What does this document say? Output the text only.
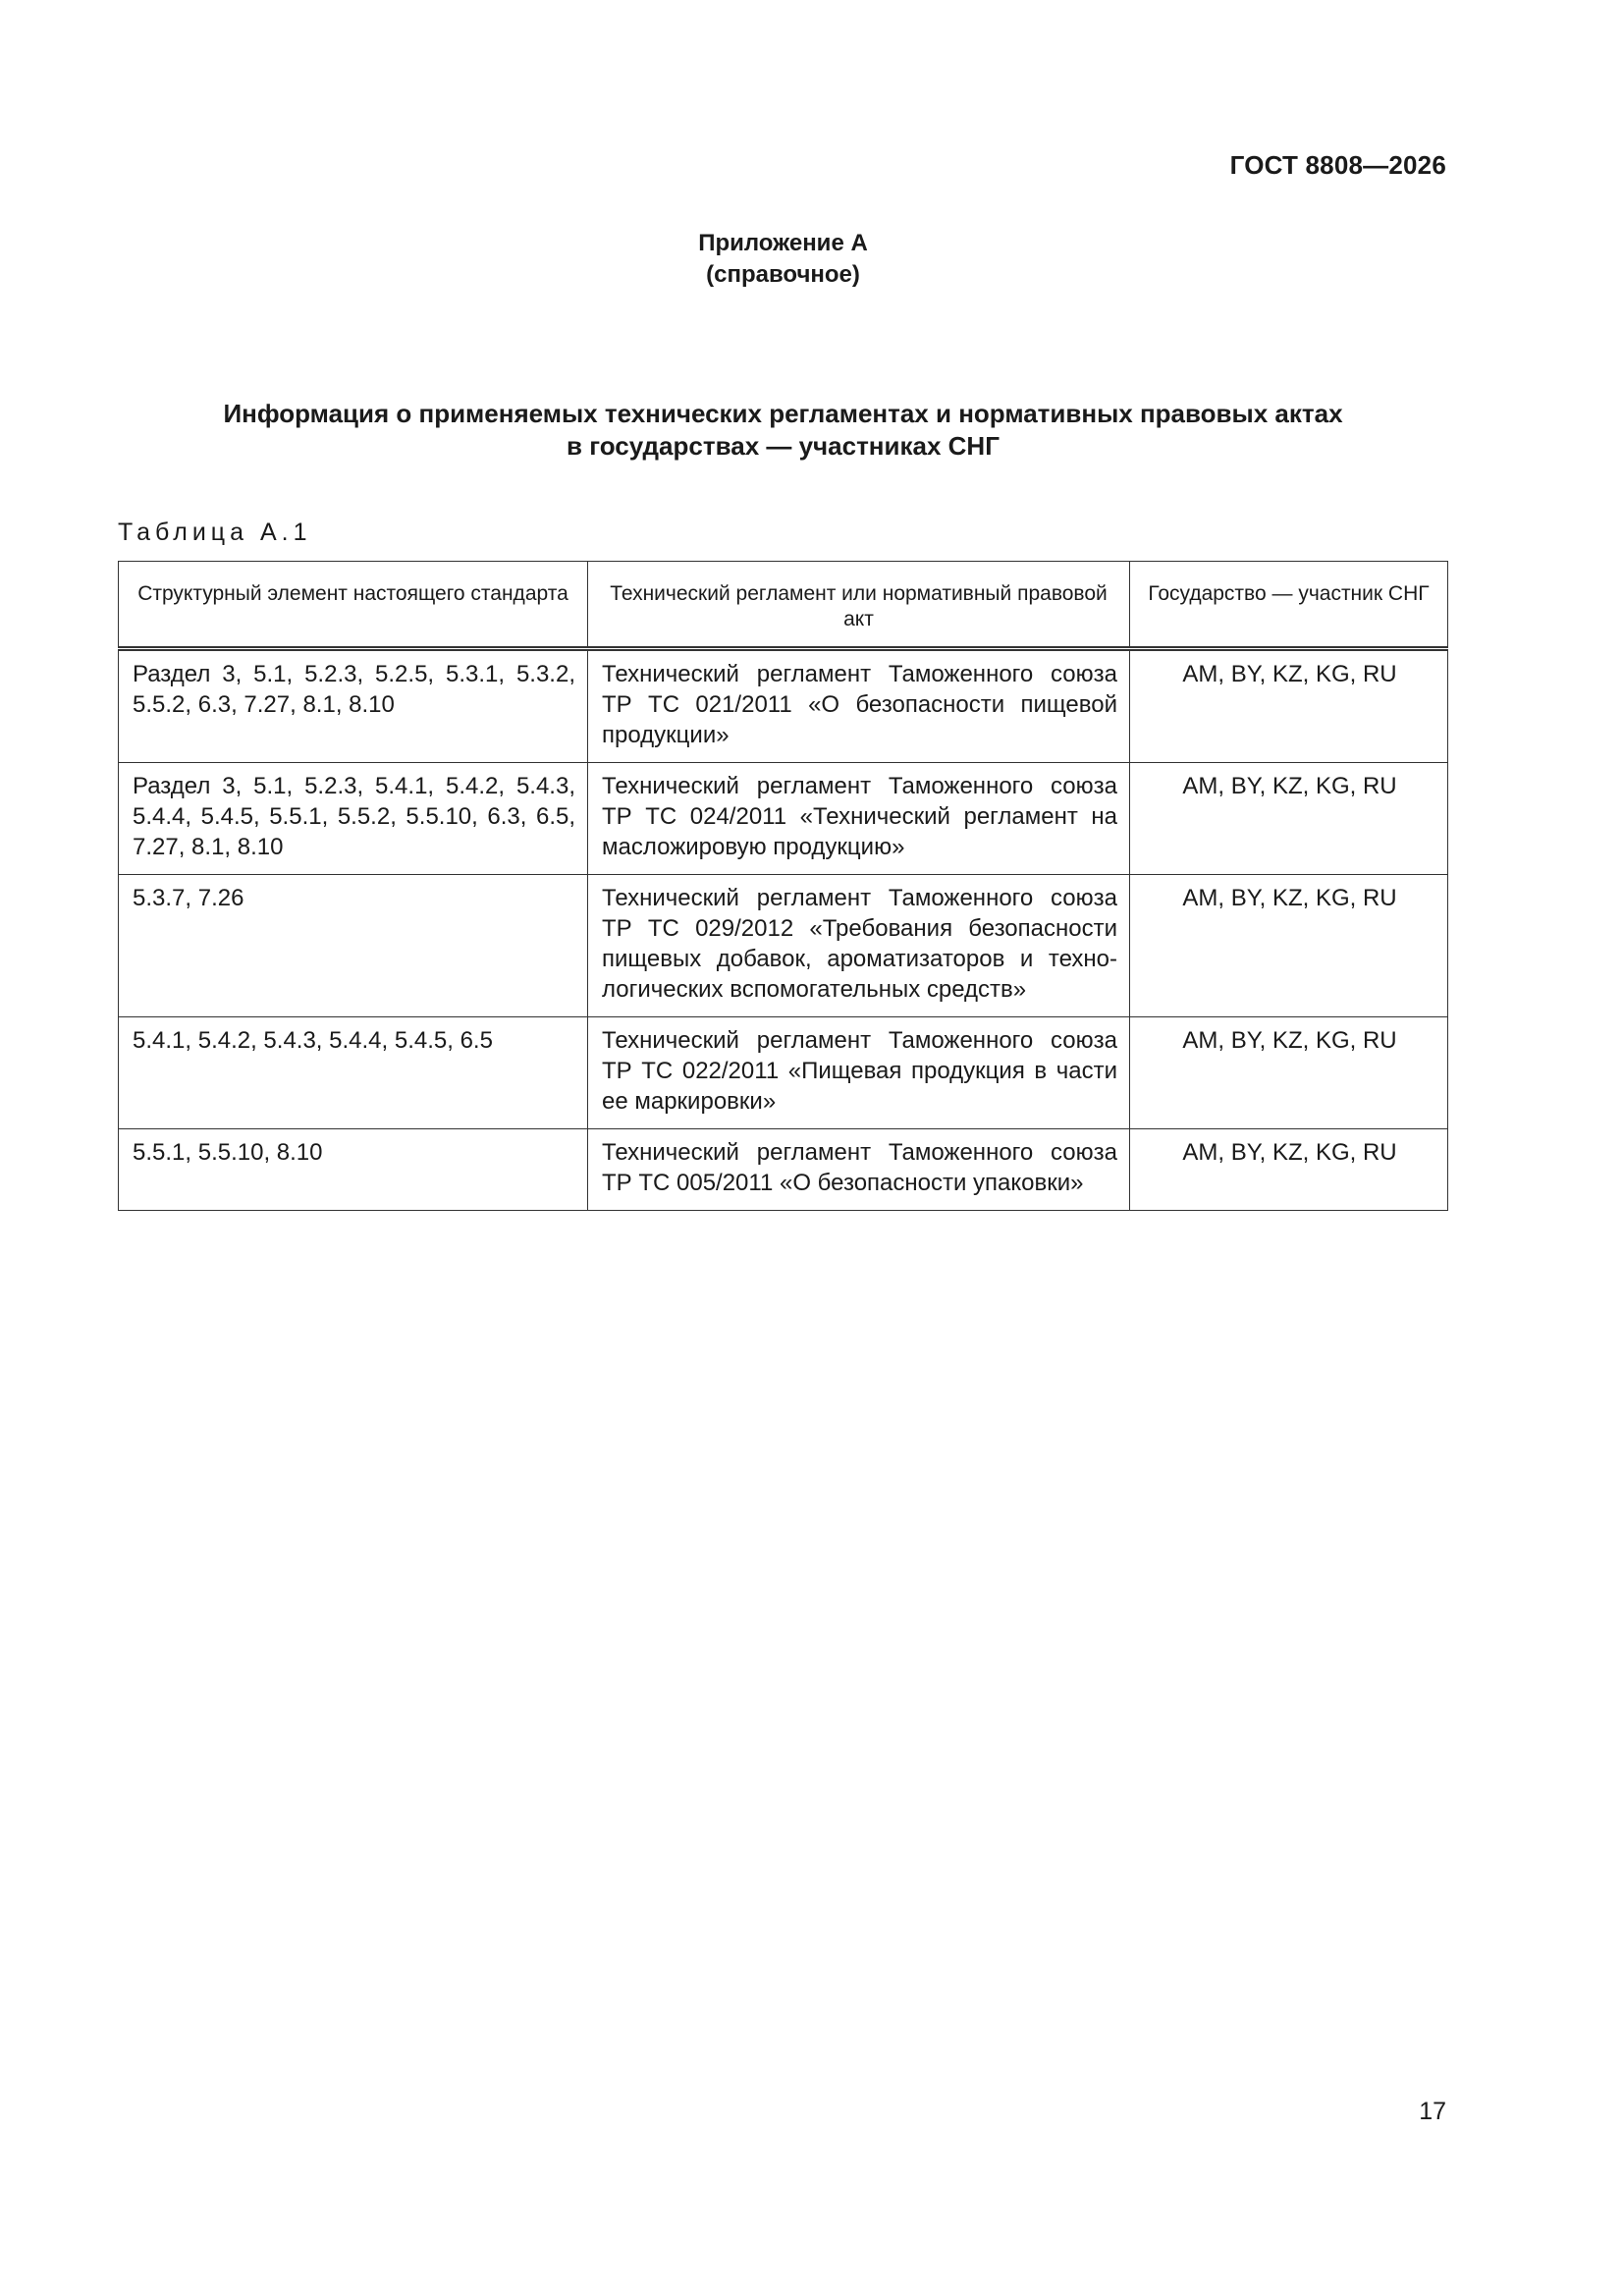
ГОСТ 8808—2026
Приложение А
(справочное)
Информация о применяемых технических регламентах и нормативных правовых актах
в государствах — участниках СНГ
Таблица А.1
Структурный элемент настоящего стандарта	Технический регламент или нормативный правовой акт	Государство — участник СНГ
Раздел 3, 5.1, 5.2.3, 5.2.5, 5.3.1, 5.3.2, 5.5.2, 6.3, 7.27, 8.1, 8.10	Технический регламент Таможенного союза ТР ТС 021/2011 «О безопасности пищевой продукции»	AM, BY, KZ, KG, RU
Раздел 3, 5.1, 5.2.3, 5.4.1, 5.4.2, 5.4.3, 5.4.4, 5.4.5, 5.5.1, 5.5.2, 5.5.10, 6.3, 6.5, 7.27, 8.1, 8.10	Технический регламент Таможенного союза ТР ТС 024/2011 «Технический регламент на масложировую продукцию»	AM, BY, KZ, KG, RU
5.3.7, 7.26	Технический регламент Таможенного союза ТР ТС 029/2012 «Требования безопасности пищевых добавок, ароматизаторов и технологических вспомогательных средств»	AM, BY, KZ, KG, RU
5.4.1, 5.4.2, 5.4.3, 5.4.4, 5.4.5, 6.5	Технический регламент Таможенного союза ТР ТС 022/2011 «Пищевая продукция в части ее маркировки»	AM, BY, KZ, KG, RU
5.5.1, 5.5.10, 8.10	Технический регламент Таможенного союза ТР ТС 005/2011 «О безопасности упаковки»	AM, BY, KZ, KG, RU
17
